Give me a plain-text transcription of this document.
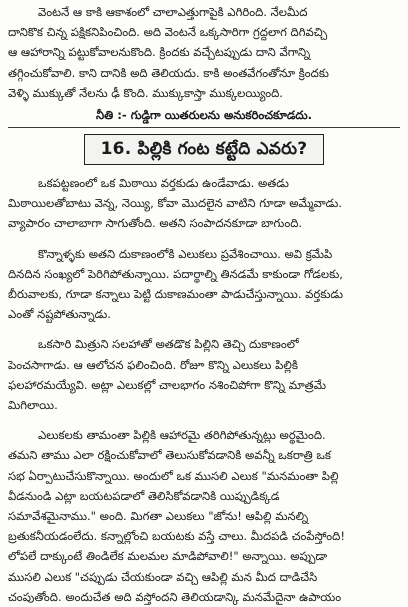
వెంటనే ఆ కాకి ఆకాశంలో చాలాఎత్తుగాపైకి ఎగిరింది. నేలమీద

దానికొక చిన్న పక్షికనిపించింది. అది వెంటనే ఒక్కసారిగా గ్రద్దలాగ దిగివచ్చి

ఆ ఆహారాన్ని పట్టుకోవాలనుకొంది. క్రిందకు వచ్చేటప్పుడు దాని వేగాన్ని

తగ్గించుకోవాలి. కాని దానికి అది తెలియదు. కాకి అంతవేగంతోనూ క్రిందకు

వెళ్ళి ముక్కుతో నేలను ఢీ కొంది. ముక్కుకాస్తా ముక్కలయ్యింది.

నీతి :- గుడ్డిగా యితరులను అనుకరించకూడదు.
16. పిల్లికి గంట కట్టేది ఎవరు?

ఒకపట్టణంలో ఒక మిఠాయి వర్తకుడు ఉండేవాడు. అతడు

మిఠాయిలతోబాటు వెన్న, నెయ్యి, కోవా మొదలైన వాటిని గూడా అమ్మేవాడు.

వ్యాపారం చాలాబాగా సాగుతోంది. అతని సంపాదనకూడా బాగుంది.

కొన్నాళ్ళకు అతని దుకాణంలోకి ఎలుకలు ప్రవేశించాయి. అవి క్రమేపి

దినదిన సంఖ్యలో పెరిగిపోతున్నాయి. పదార్థాల్ని తినడమే కాకుండా గోడలకు,

బీరువాలకు, గూడా కన్నాలు పెట్టి దుకాణమంతా పాడుచేస్తున్నాయి. వర్తకుడు

ఎంతో నష్టపోతున్నాడు.

ఒకసారి మిత్రుని సలహాతో అతడొక పిల్లిని తెచ్చి దుకాణంలో

పెంచసాగాడు. ఆ ఆలోచన ఫలించింది. రోజూ కొన్ని ఎలుకలు పిల్లికి

ఫలహారమయ్యేవి. అట్లా ఎలుకల్లో చాలభాగం నశించిపోగా కొన్ని మాత్రమే

మిగిలాయి.

ఎలుకలకు తామంతా పిల్లికి ఆహారమై తరిగిపోతున్నట్లు అర్థమైంది.

తమని తాము ఎలా రక్షించుకోవాలో తెలుసుకోవడానికి అవన్నీ ఒకరాత్రి ఒక

సభ ఏర్పాటుచేసుకొన్నాయి. అందులో ఒక ముసలి ఎలుక "మనమంతా పిల్లి

వీడనుండి ఎట్లా బయటపడాలో తెలిసికోవడానికి యిప్పుడిక్కడ

సమావేశమైనాము." అంది. మిగతా ఎలుకలు "జోను! ఆపిల్లి మనల్ని

బ్రతుకనీయడంలేదు. కన్నాల్లోంచి బయటకు వస్తే చాలు. మీదపడి చంపేస్తోంది!

లోపలే దాక్కుంటే తిండిలేక మలమల మాడిపోవాలి!" అన్నాయి. అప్పుడా

ముసలి ఎలుక "చప్పుడు చేయకుండా వచ్చి ఆపిల్లి మన మీద దాడిచేసి

చంపుతోంది. అందుచేత అది వస్తోందని తెలియడాన్కి మనమేదైనా ఉపాయం
